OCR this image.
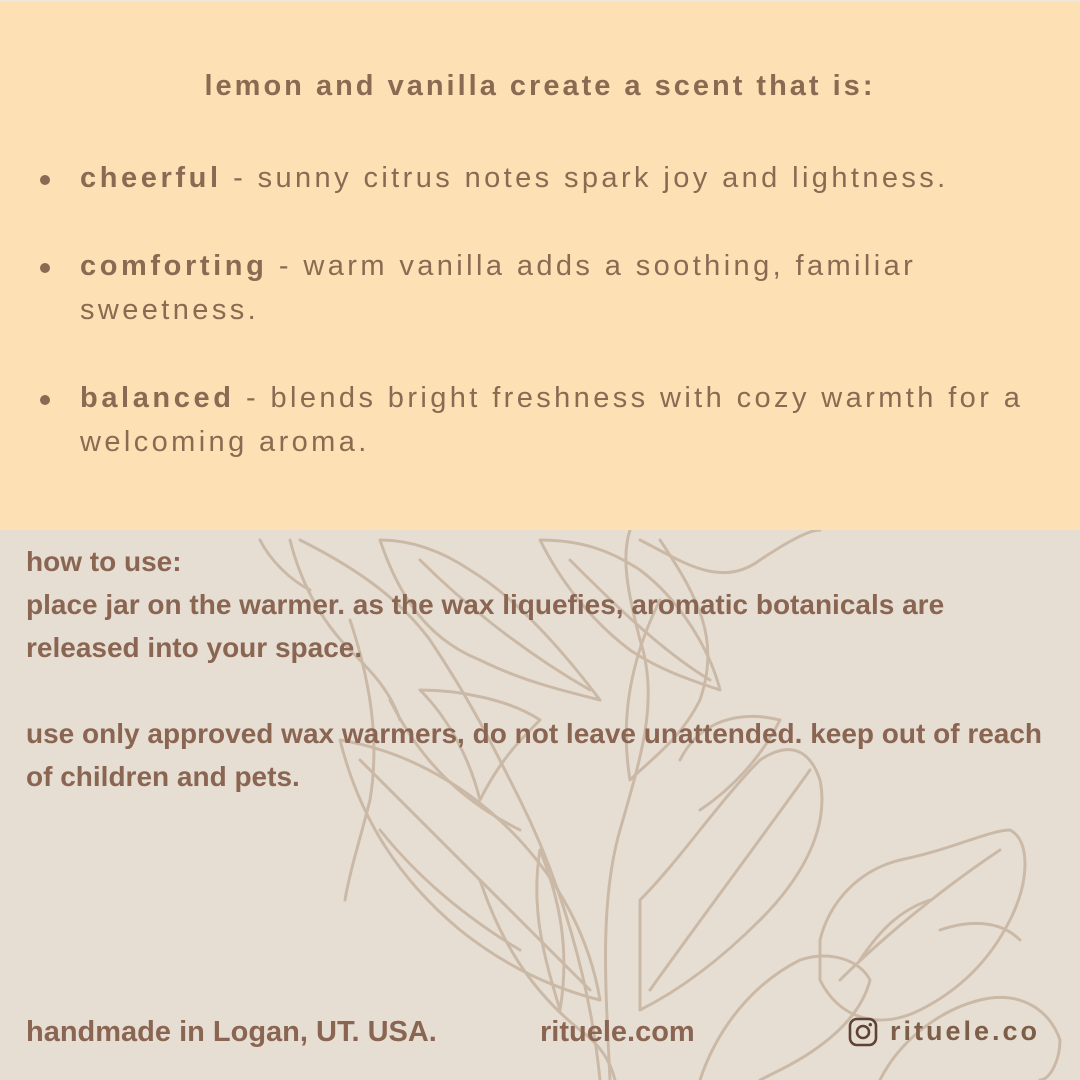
lemon and vanilla create a scent that is:
cheerful - sunny citrus notes spark joy and lightness.
comforting - warm vanilla adds a soothing, familiar sweetness.
balanced - blends bright freshness with cozy warmth for a welcoming aroma.

how to use:

place jar on the warmer. as the wax liquefies, aromatic botanicals are released into your space.

use only approved wax warmers, do not leave unattended. keep out of reach of children and pets.

handmade in Logan, UT. USA.	rituele.com	rituele.co
